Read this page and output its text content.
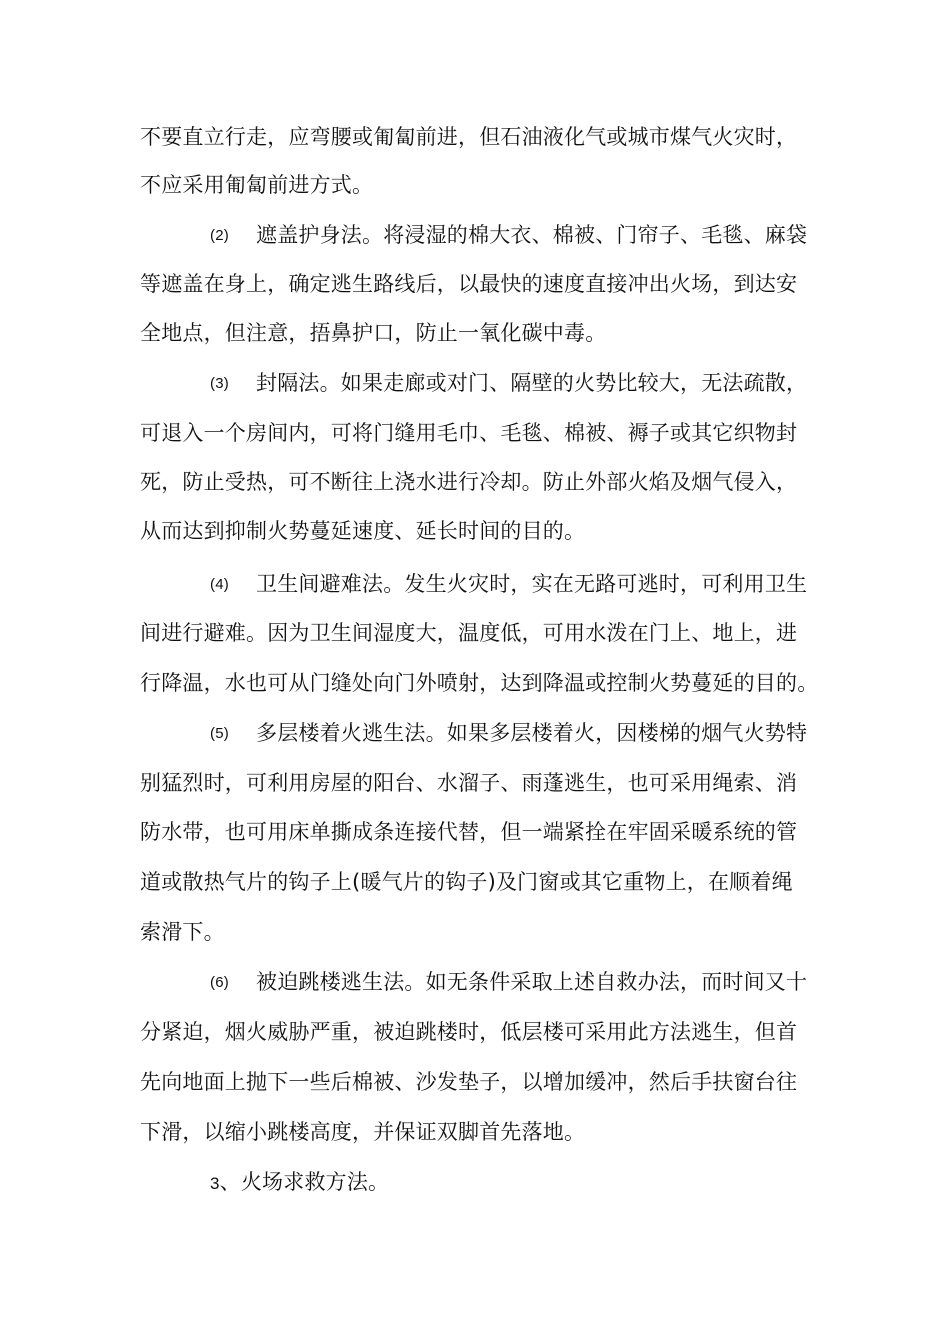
不要直立行走，应弯腰或匍匐前进，但石油液化气或城市煤气火灾时，
不应采用匍匐前进方式。
(2) 遮盖护身法。将浸湿的棉大衣、棉被、门帘子、毛毯、麻袋
等遮盖在身上，确定逃生路线后，以最快的速度直接冲出火场，到达安
全地点，但注意，捂鼻护口，防止一氧化碳中毒。
(3) 封隔法。如果走廊或对门、隔壁的火势比较大，无法疏散，
可退入一个房间内，可将门缝用毛巾、毛毯、棉被、褥子或其它织物封
死，防止受热，可不断往上浇水进行冷却。防止外部火焰及烟气侵入，
从而达到抑制火势蔓延速度、延长时间的目的。
(4) 卫生间避难法。发生火灾时，实在无路可逃时，可利用卫生
间进行避难。因为卫生间湿度大，温度低，可用水泼在门上、地上，进
行降温，水也可从门缝处向门外喷射，达到降温或控制火势蔓延的目的。
(5) 多层楼着火逃生法。如果多层楼着火，因楼梯的烟气火势特
别猛烈时，可利用房屋的阳台、水溜子、雨蓬逃生，也可采用绳索、消
防水带，也可用床单撕成条连接代替，但一端紧拴在牢固采暖系统的管
道或散热气片的钩子上(暖气片的钩子)及门窗或其它重物上，在顺着绳
索滑下。
(6) 被迫跳楼逃生法。如无条件采取上述自救办法，而时间又十
分紧迫，烟火威胁严重，被迫跳楼时，低层楼可采用此方法逃生，但首
先向地面上抛下一些后棉被、沙发垫子，以增加缓冲，然后手扶窗台往
下滑，以缩小跳楼高度，并保证双脚首先落地。
3、火场求救方法。
